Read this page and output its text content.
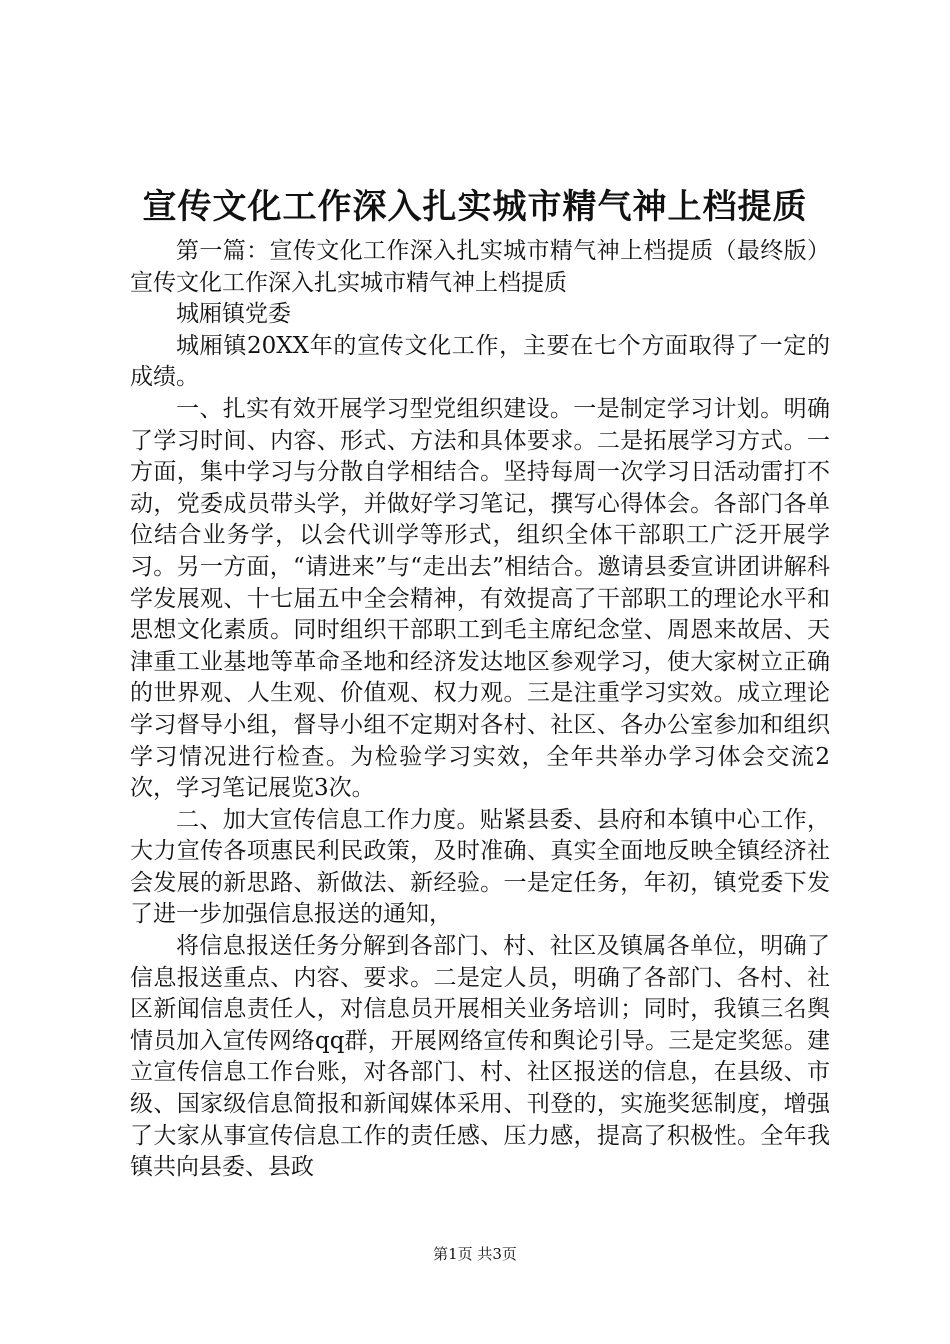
宣传文化工作深入扎实城市精气神上档提质

第一篇：宣传文化工作深入扎实城市精气神上档提质（最终版）宣传文化工作深入扎实城市精气神上档提质

城厢镇党委

城厢镇20XX年的宣传文化工作，主要在七个方面取得了一定的成绩。

一、扎实有效开展学习型党组织建设。一是制定学习计划。明确了学习时间、内容、形式、方法和具体要求。二是拓展学习方式。一方面，集中学习与分散自学相结合。坚持每周一次学习日活动雷打不动，党委成员带头学，并做好学习笔记，撰写心得体会。各部门各单位结合业务学，以会代训学等形式，组织全体干部职工广泛开展学习。另一方面，“请进来”与“走出去”相结合。邀请县委宣讲团讲解科学发展观、十七届五中全会精神，有效提高了干部职工的理论水平和思想文化素质。同时组织干部职工到毛主席纪念堂、周恩来故居、天津重工业基地等革命圣地和经济发达地区参观学习，使大家树立正确的世界观、人生观、价值观、权力观。三是注重学习实效。成立理论学习督导小组，督导小组不定期对各村、社区、各办公室参加和组织学习情况进行检查。为检验学习实效，全年共举办学习体会交流2次，学习笔记展览3次。

二、加大宣传信息工作力度。贴紧县委、县府和本镇中心工作，大力宣传各项惠民利民政策，及时准确、真实全面地反映全镇经济社会发展的新思路、新做法、新经验。一是定任务，年初，镇党委下发了进一步加强信息报送的通知，

将信息报送任务分解到各部门、村、社区及镇属各单位，明确了信息报送重点、内容、要求。二是定人员，明确了各部门、各村、社区新闻信息责任人，对信息员开展相关业务培训；同时，我镇三名舆情员加入宣传网络qq群，开展网络宣传和舆论引导。三是定奖惩。建立宣传信息工作台账，对各部门、村、社区报送的信息，在县级、市级、国家级信息简报和新闻媒体采用、刊登的，实施奖惩制度，增强了大家从事宣传信息工作的责任感、压力感，提高了积极性。全年我镇共向县委、县政

第1页 共3页
